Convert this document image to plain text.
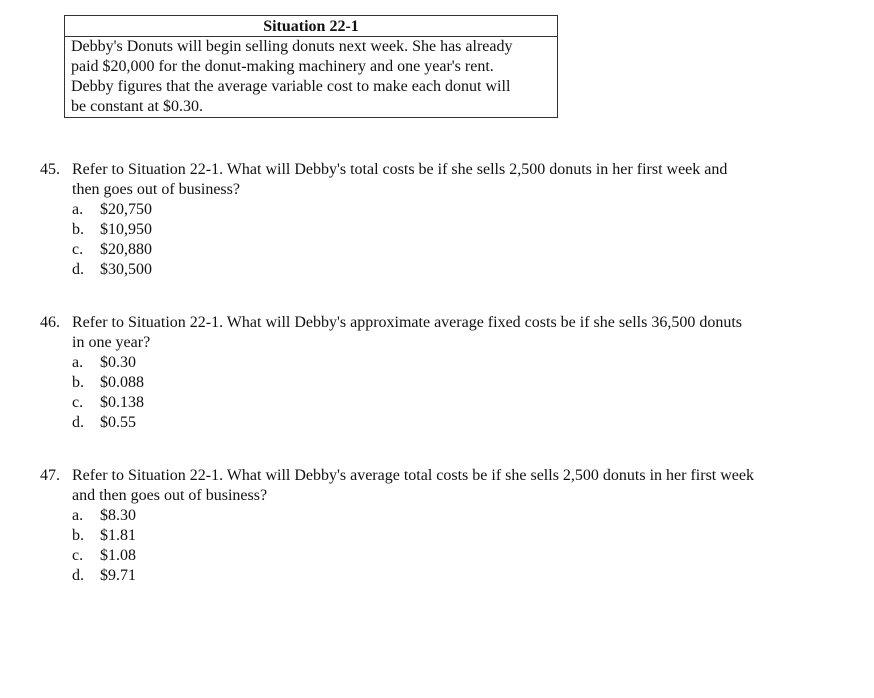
Situation 22-1
Debby's Donuts will begin selling donuts next week. She has already
paid $20,000 for the donut-making machinery and one year's rent.
Debby figures that the average variable cost to make each donut will
be constant at $0.30.
45. Refer to Situation 22-1. What will Debby's total costs be if she sells 2,500 donuts in her first week and
then goes out of business?
a. $20,750
b. $10,950
c. $20,880
d. $30,500
46. Refer to Situation 22-1. What will Debby's approximate average fixed costs be if she sells 36,500 donuts
in one year?
a. $0.30
b. $0.088
c. $0.138
d. $0.55
47. Refer to Situation 22-1. What will Debby's average total costs be if she sells 2,500 donuts in her first week
and then goes out of business?
a. $8.30
b. $1.81
c. $1.08
d. $9.71
